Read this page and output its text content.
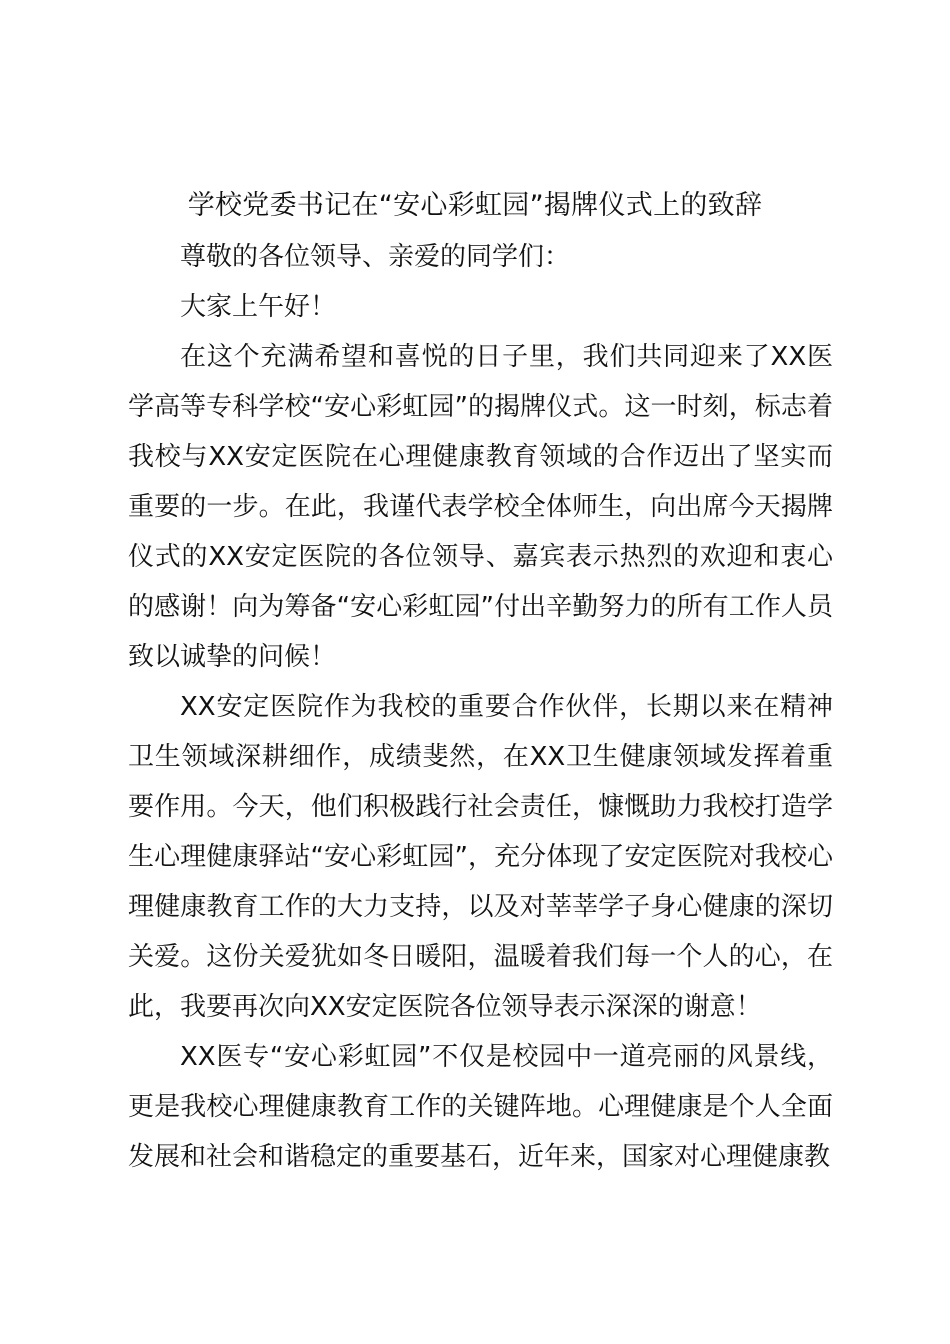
学校党委书记在“安心彩虹园”揭牌仪式上的致辞

尊敬的各位领导、亲爱的同学们：

大家上午好！

在这个充满希望和喜悦的日子里，我们共同迎来了XX医学高等专科学校“安心彩虹园”的揭牌仪式。这一时刻，标志着我校与XX安定医院在心理健康教育领域的合作迈出了坚实而重要的一步。在此，我谨代表学校全体师生，向出席今天揭牌仪式的XX安定医院的各位领导、嘉宾表示热烈的欢迎和衷心的感谢！向为筹备“安心彩虹园”付出辛勤努力的所有工作人员致以诚挚的问候！

XX安定医院作为我校的重要合作伙伴，长期以来在精神卫生领域深耕细作，成绩斐然，在XX卫生健康领域发挥着重要作用。今天，他们积极践行社会责任，慷慨助力我校打造学生心理健康驿站“安心彩虹园”，充分体现了安定医院对我校心理健康教育工作的大力支持，以及对莘莘学子身心健康的深切关爱。这份关爱犹如冬日暖阳，温暖着我们每一个人的心，在此，我要再次向XX安定医院各位领导表示深深的谢意！

XX医专“安心彩虹园”不仅是校园中一道亮丽的风景线，更是我校心理健康教育工作的关键阵地。心理健康是个人全面发展和社会和谐稳定的重要基石，近年来，国家对心理健康教
